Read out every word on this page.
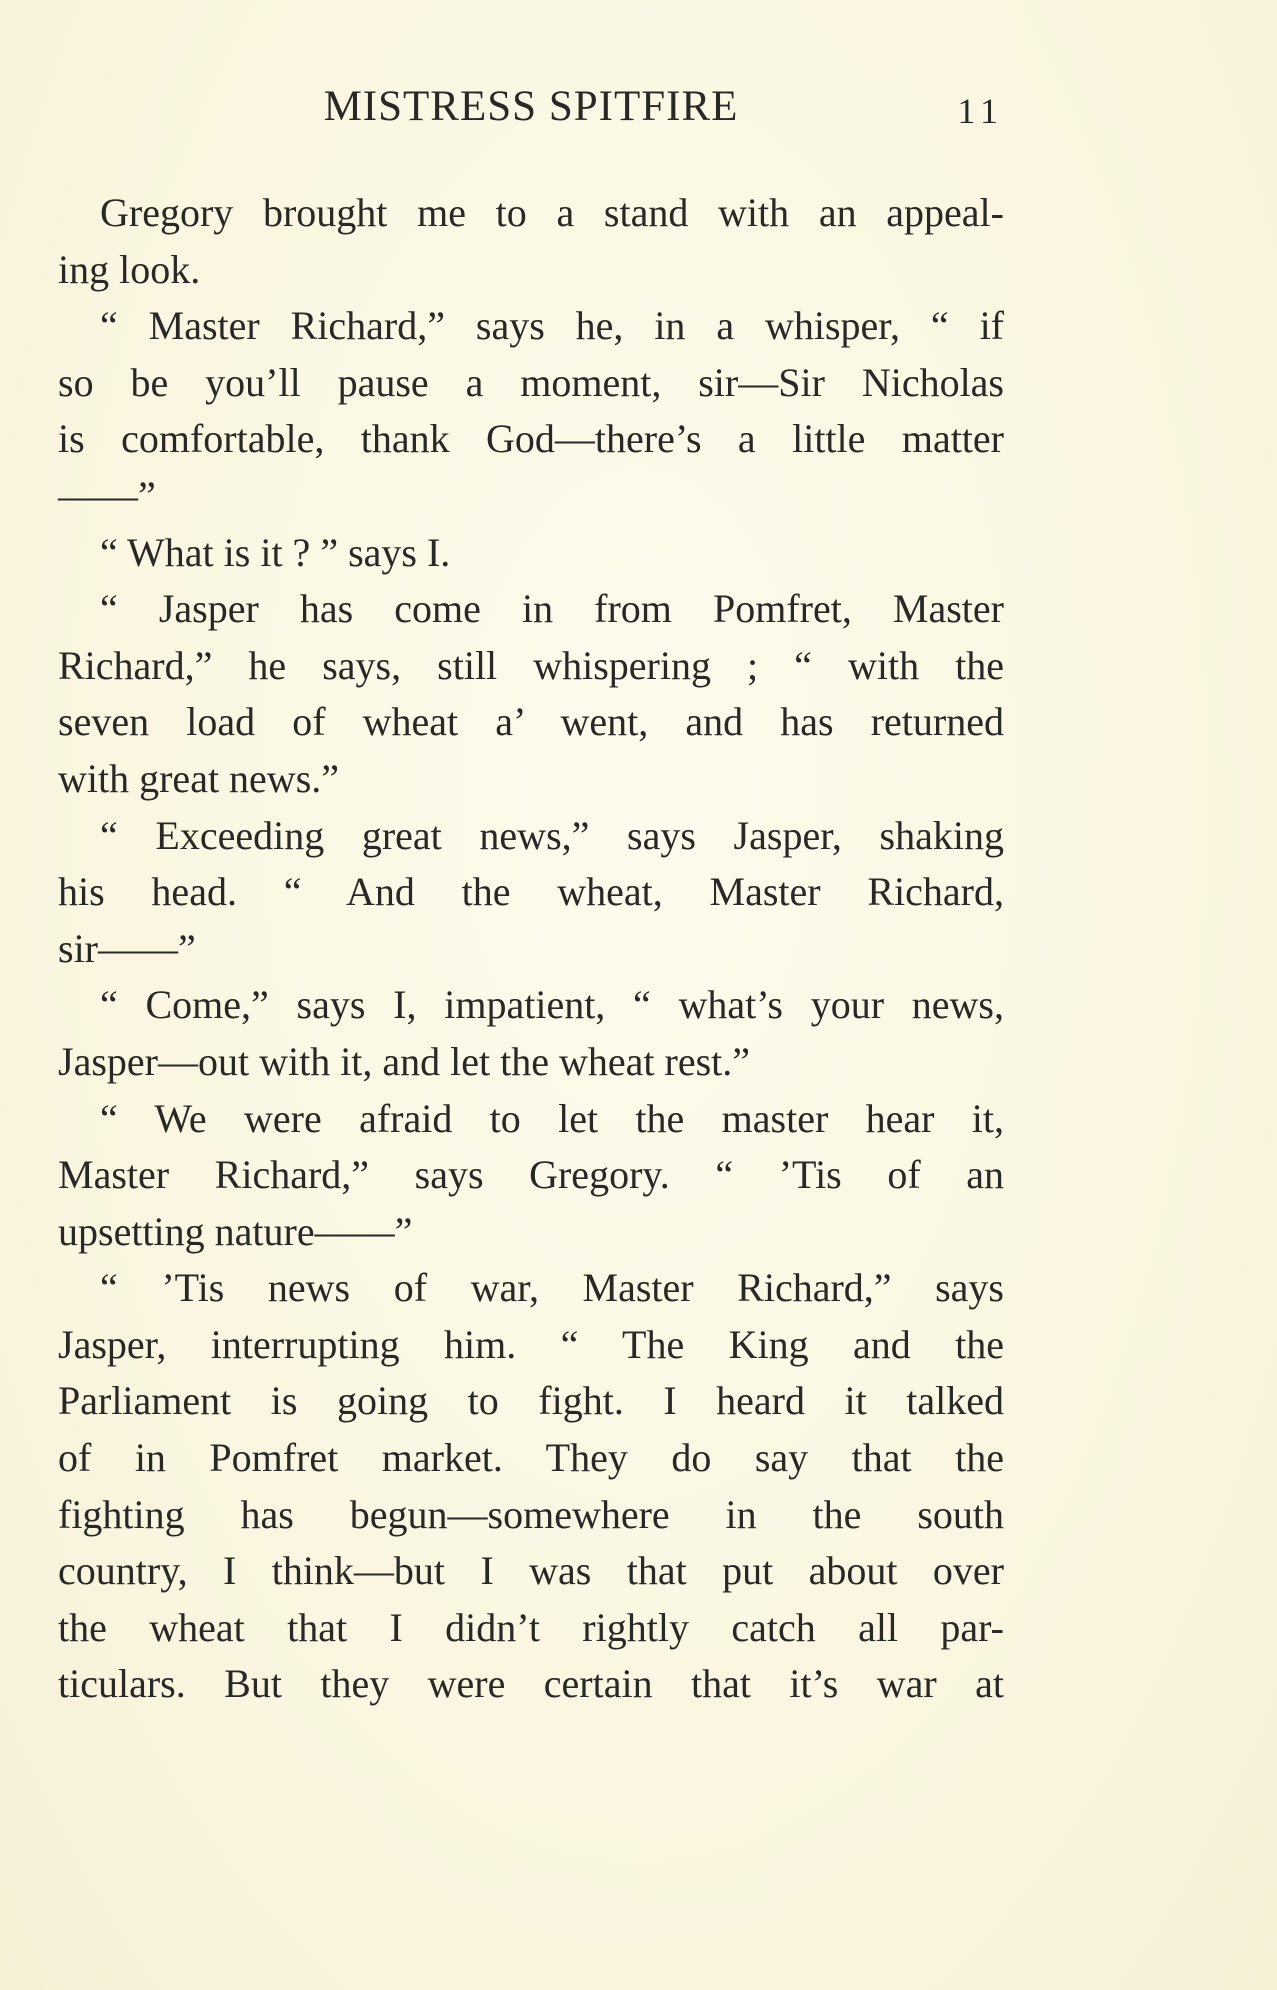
MISTRESS SPITFIRE	11
Gregory brought me to a stand with an appeal-
ing look.
“ Master Richard,” says he, in a whisper, “ if
so be you’ll pause a moment, sir—Sir Nicholas
is comfortable, thank God—there’s a little matter
——”
“ What is it ? ” says I.
“ Jasper has come in from Pomfret, Master
Richard,” he says, still whispering ; “ with the
seven load of wheat a’ went, and has returned
with great news.”
“ Exceeding great news,” says Jasper, shaking
his head. “ And the wheat, Master Richard,
sir——”
“ Come,” says I, impatient, “ what’s your news,
Jasper—out with it, and let the wheat rest.”
“ We were afraid to let the master hear it,
Master Richard,” says Gregory. “ ’Tis of an
upsetting nature——”
“ ’Tis news of war, Master Richard,” says
Jasper, interrupting him. “ The King and the
Parliament is going to fight. I heard it talked
of in Pomfret market. They do say that the
fighting has begun—somewhere in the south
country, I think—but I was that put about over
the wheat that I didn’t rightly catch all par-
ticulars. But they were certain that it’s war at
